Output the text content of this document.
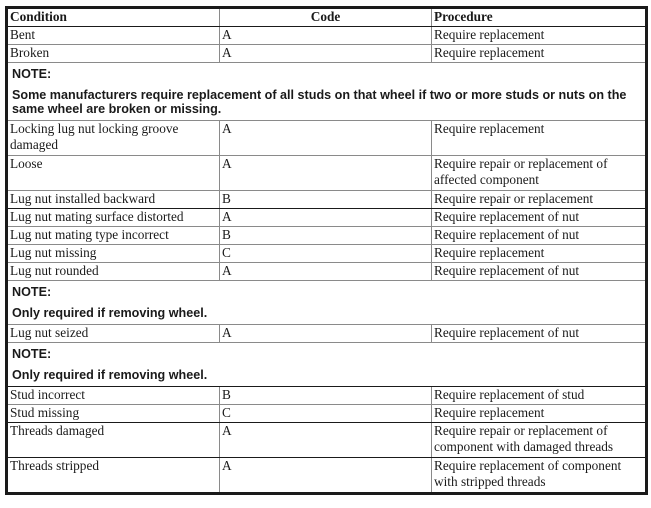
Condition	Code	Procedure
Bent	A	Require replacement
Broken	A	Require replacement

NOTE:
Some manufacturers require replacement of all studs on that wheel if two or more studs or nuts on the same wheel are broken or missing.		

Locking lug nut locking groove damaged	A	Require replacement
Loose	A	Require repair or replacement of affected component
Lug nut installed backward	B	Require repair or replacement
Lug nut mating surface distorted	A	Require replacement of nut
Lug nut mating type incorrect	B	Require replacement of nut
Lug nut missing	C	Require replacement
Lug nut rounded	A	Require replacement of nut

NOTE:
Only required if removing wheel.		

Lug nut seized	A	Require replacement of nut

NOTE:
Only required if removing wheel.		

Stud incorrect	B	Require replacement of stud
Stud missing	C	Require replacement
Threads damaged	A	Require repair or replacement of component with damaged threads
Threads stripped	A	Require replacement of component with stripped threads
